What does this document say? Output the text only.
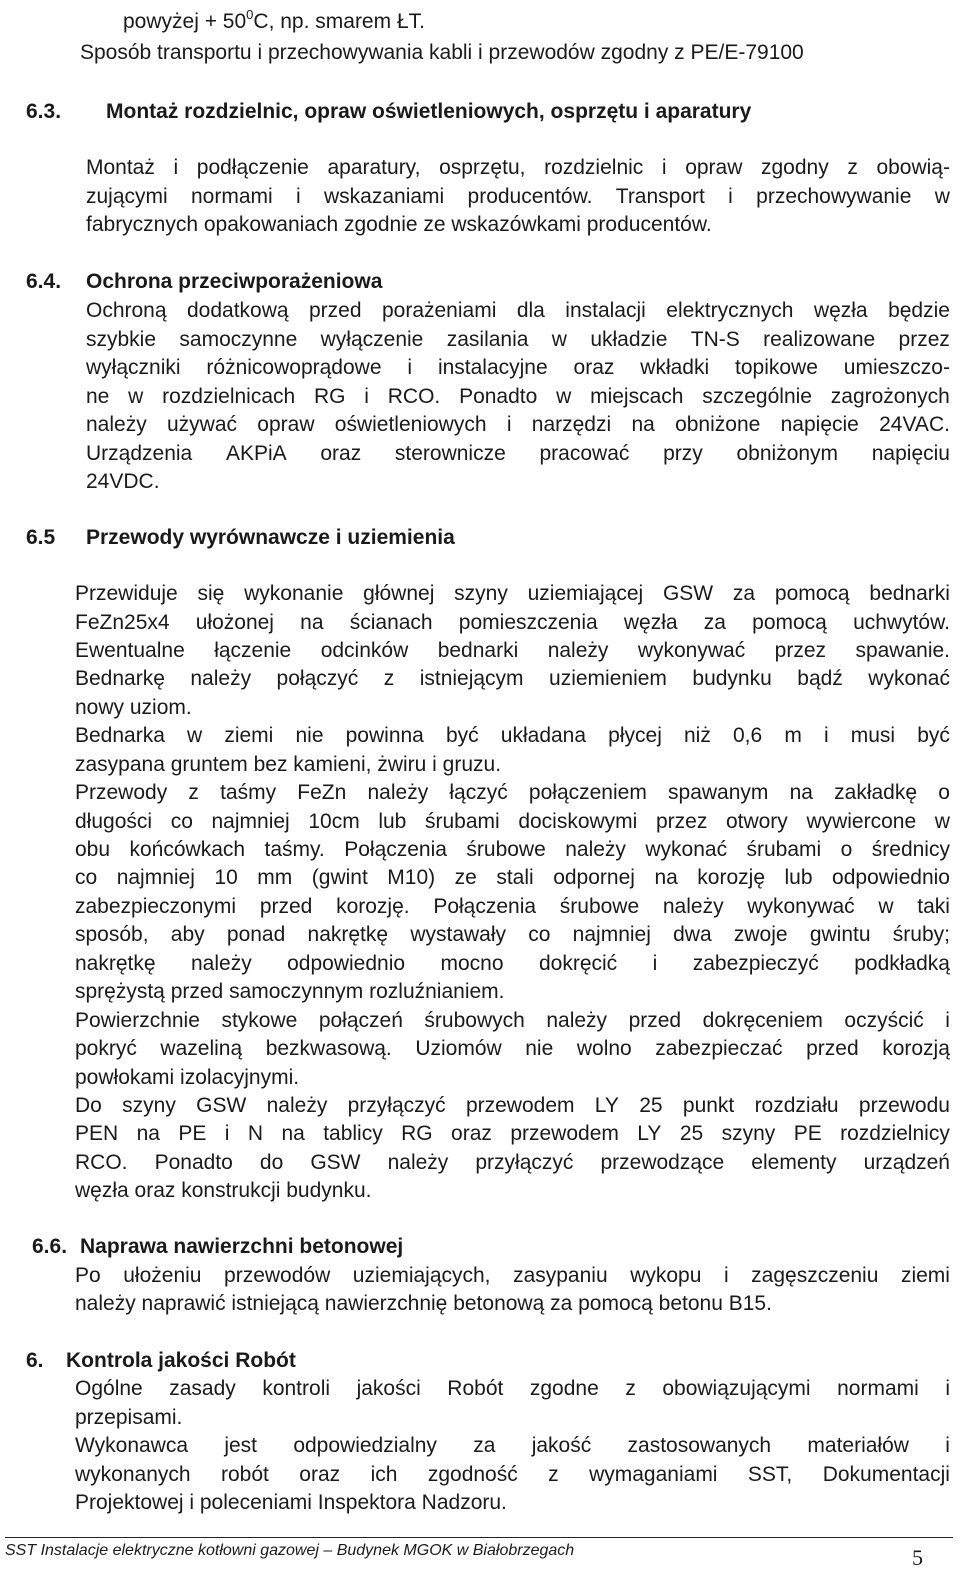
powyżej + $50^0C$, np. smarem ŁT.
Sposób transportu i przechowywania kabli i przewodów zgodny z PE/E-79100
6.3. Montaż rozdzielnic, opraw oświetleniowych, osprzętu i aparatury
Montaż i podłączenie aparatury, osprzętu, rozdzielnic i opraw zgodny z obowią-
zującymi normami i wskazaniami producentów. Transport i przechowywanie w
fabrycznych opakowaniach zgodnie ze wskazówkami producentów.
6.4. Ochrona przeciwporażeniowa
Ochroną dodatkową przed porażeniami dla instalacji elektrycznych węzła będzie
szybkie samoczynne wyłączenie zasilania w układzie TN-S realizowane przez
wyłączniki różnicowoprądowe i instalacyjne oraz wkładki topikowe umieszczo-
ne w rozdzielnicach RG i RCO. Ponadto w miejscach szczególnie zagrożonych
należy używać opraw oświetleniowych i narzędzi na obniżone napięcie 24VAC.
Urządzenia AKPiA oraz sterownicze pracować przy obniżonym napięciu
24VDC.
6.5 Przewody wyrównawcze i uziemienia
Przewiduje się wykonanie głównej szyny uziemiającej GSW za pomocą bednarki
FeZn25x4 ułożonej na ścianach pomieszczenia węzła za pomocą uchwytów.
Ewentualne łączenie odcinków bednarki należy wykonywać przez spawanie.
Bednarkę należy połączyć z istniejącym uziemieniem budynku bądź wykonać
nowy uziom.
Bednarka w ziemi nie powinna być układana płycej niż 0,6 m i musi być
zasypana gruntem bez kamieni, żwiru i gruzu.
Przewody z taśmy FeZn należy łączyć połączeniem spawanym na zakładkę o
długości co najmniej 10cm lub śrubami dociskowymi przez otwory wywiercone w
obu końcówkach taśmy. Połączenia śrubowe należy wykonać śrubami o średnicy
co najmniej 10 mm (gwint M10) ze stali odpornej na korozję lub odpowiednio
zabezpieczonymi przed korozję. Połączenia śrubowe należy wykonywać w taki
sposób, aby ponad nakrętkę wystawały co najmniej dwa zwoje gwintu śruby;
nakrętkę należy odpowiednio mocno dokręcić i zabezpieczyć podkładką
sprężystą przed samoczynnym rozluźnianiem.
Powierzchnie stykowe połączeń śrubowych należy przed dokręceniem oczyścić i
pokryć wazeliną bezkwasową. Uziomów nie wolno zabezpieczać przed korozją
powłokami izolacyjnymi.
Do szyny GSW należy przyłączyć przewodem LY 25 punkt rozdziału przewodu
PEN na PE i N na tablicy RG oraz przewodem LY 25 szyny PE rozdzielnicy
RCO. Ponadto do GSW należy przyłączyć przewodzące elementy urządzeń
węzła oraz konstrukcji budynku.
6.6. Naprawa nawierzchni betonowej
Po ułożeniu przewodów uziemiających, zasypaniu wykopu i zagęszczeniu ziemi
należy naprawić istniejącą nawierzchnię betonową za pomocą betonu B15.
6. Kontrola jakości Robót
Ogólne zasady kontroli jakości Robót zgodne z obowiązującymi normami i
przepisami.
Wykonawca jest odpowiedzialny za jakość zastosowanych materiałów i
wykonanych robót oraz ich zgodność z wymaganiami SST, Dokumentacji
Projektowej i poleceniami Inspektora Nadzoru.
SST Instalacje elektryczne kotłowni gazowej – Budynek MGOK w Białobrzegach	5
